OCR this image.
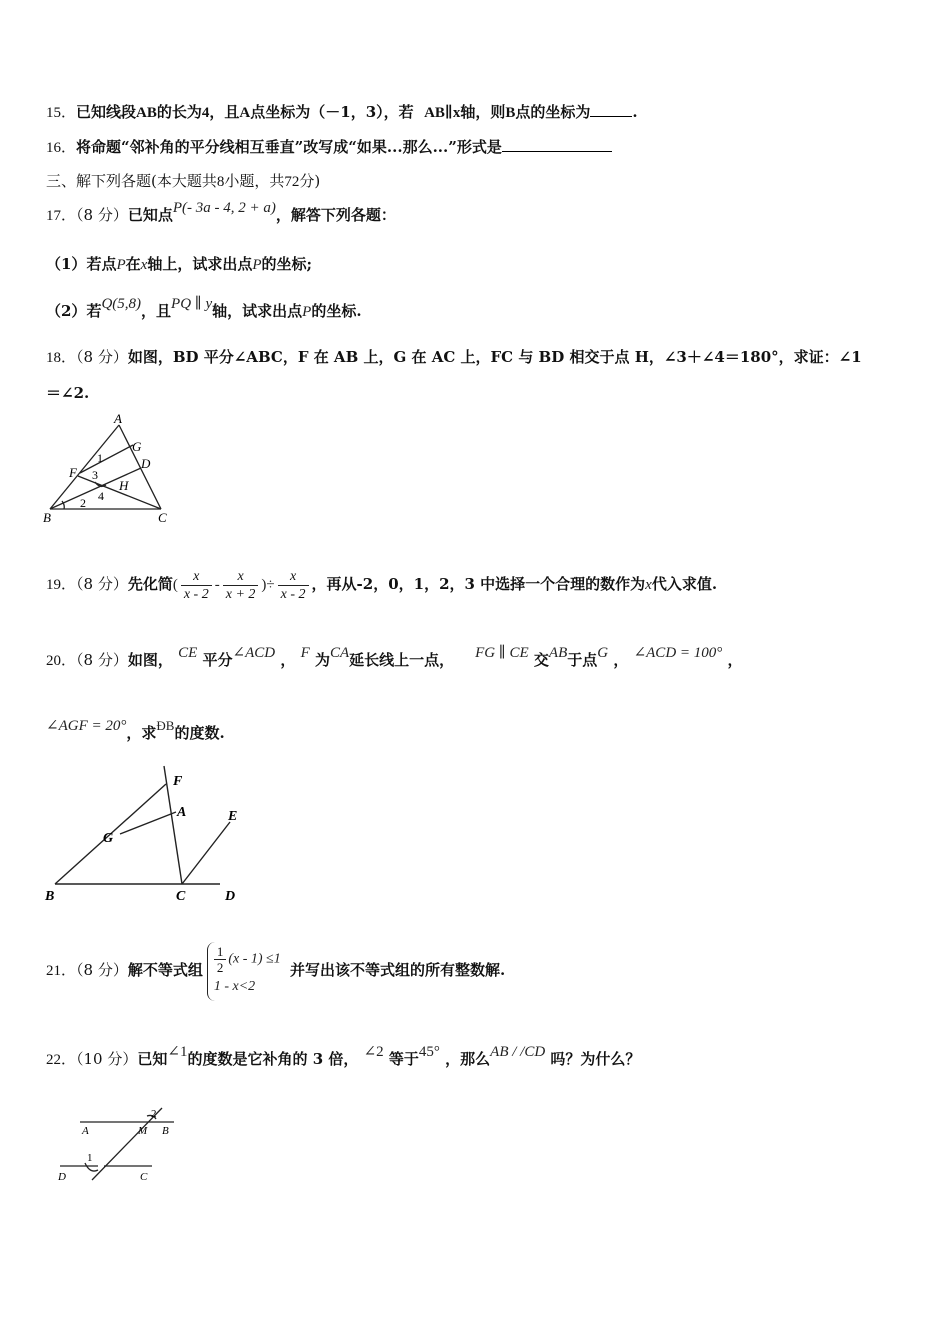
15．已知线段AB的长为4，且A点坐标为（－1，3），若 AB∥x轴，则B点的坐标为	.
16．将命题“邻补角的平分线相互垂直”改写成“如果...那么...”形式是
三、解下列各题(本大题共8小题，共72分)
17．（8 分）已知点P(- 3a - 4, 2 + a)，解答下列各题：
（1）若点P在x轴上，试求出点P的坐标;
（2）若Q(5,8)，且PQ ∥ y轴，试求出点P的坐标.
18．（8 分）如图，BD 平分∠ABC，F 在 AB 上，G 在 AC 上，FC 与 BD 相交于点 H，∠3＋∠4＝180°，求证：∠1
＝∠2.
A
G
D
F
H
B	C
1
2
3
4
19．（8 分）先化简( $\frac{x}{x - 2} - \frac{x}{x + 2}$ )÷ $\frac{x}{x - 2}$ ，再从-2，0，1，2，3 中选择一个合理的数作为x代入求值.
20．（8 分）如图， CE 平分∠ACD ， F 为CA延长线上一点， FG ∥ CE 交AB于点G ， ∠ACD = 100° ，
∠AGF = 20°，求ÐB的度数.
F
A	E
G
B	C	D
21．（8 分）解不等式组 $\frac{1}{2} (x - 1) \le 1$
1 - x<2
并写出该不等式组的所有整数解.
22．（10 分）已知∠1的度数是它补角的 3 倍， ∠2 等于45° ，那么AB / /CD 吗？为什么？
A	M B
2
1
D	C
